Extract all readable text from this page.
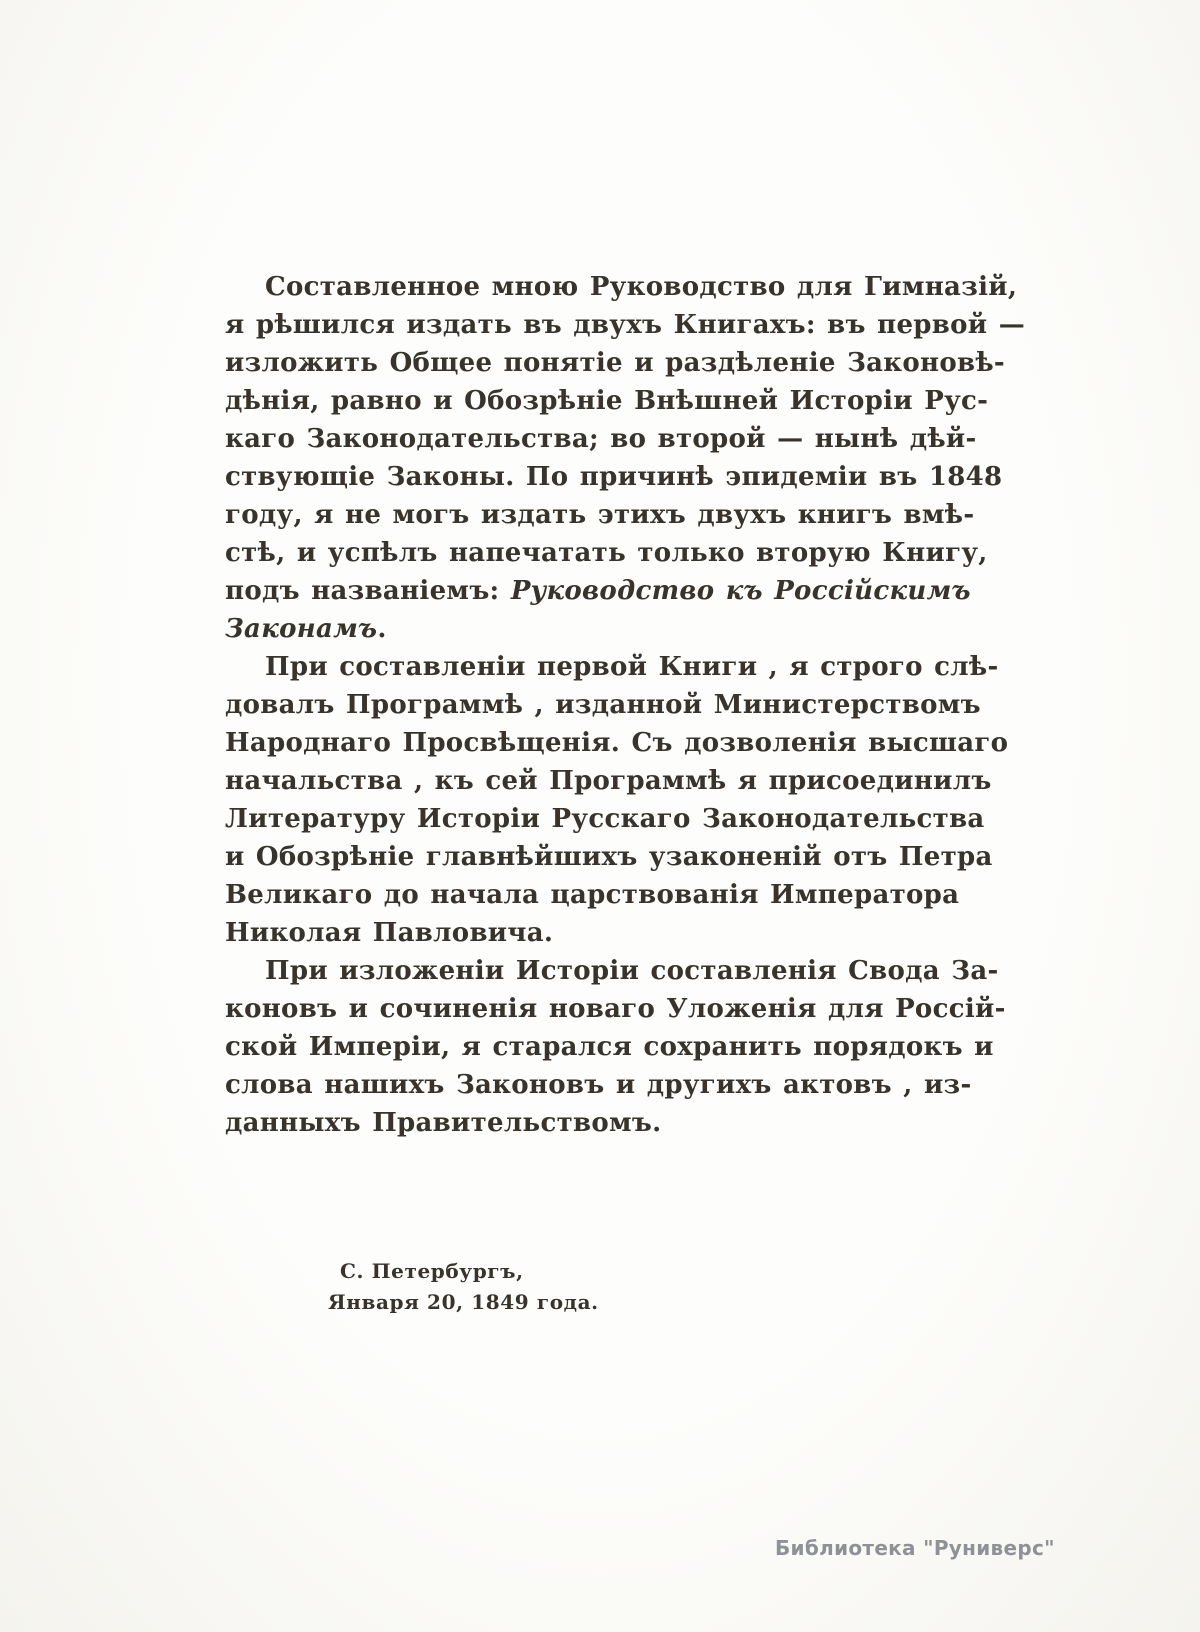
Составленное мною Руководство для Гимназій,
я рѣшился издать въ двухъ Книгахъ: въ первой —
изложить Общее понятіе и раздѣленіе Законовѣ-
дѣнія, равно и Обозрѣніе Внѣшней Исторіи Рус-
каго Законодательства; во второй — нынѣ дѣй-
ствующіе Законы. По причинѣ эпидеміи въ 1848
году, я не могъ издать этихъ двухъ книгъ вмѣ-
стѣ, и успѣлъ напечатать только вторую Книгу,
подъ названіемъ: Руководство къ Россійскимъ
Законамъ.
При составленіи первой Книги , я строго слѣ-
довалъ Программѣ , изданной Министерствомъ
Народнаго Просвѣщенія. Съ дозволенія высшаго
начальства , къ сей Программѣ я присоединилъ
Литературу Исторіи Русскаго Законодательства
и Обозрѣніе главнѣйшихъ узаконеній отъ Петра
Великаго до начала царствованія Императора
Николая Павловича.
При изложеніи Исторіи составленія Свода За-
коновъ и сочиненія новаго Уложенія для Россій-
ской Имперіи, я старался сохранить порядокъ и
слова нашихъ Законовъ и другихъ актовъ , из-
данныхъ Правительствомъ.
С. Петербургъ,
Января 20, 1849 года.
Библиотека "Руниверс"
